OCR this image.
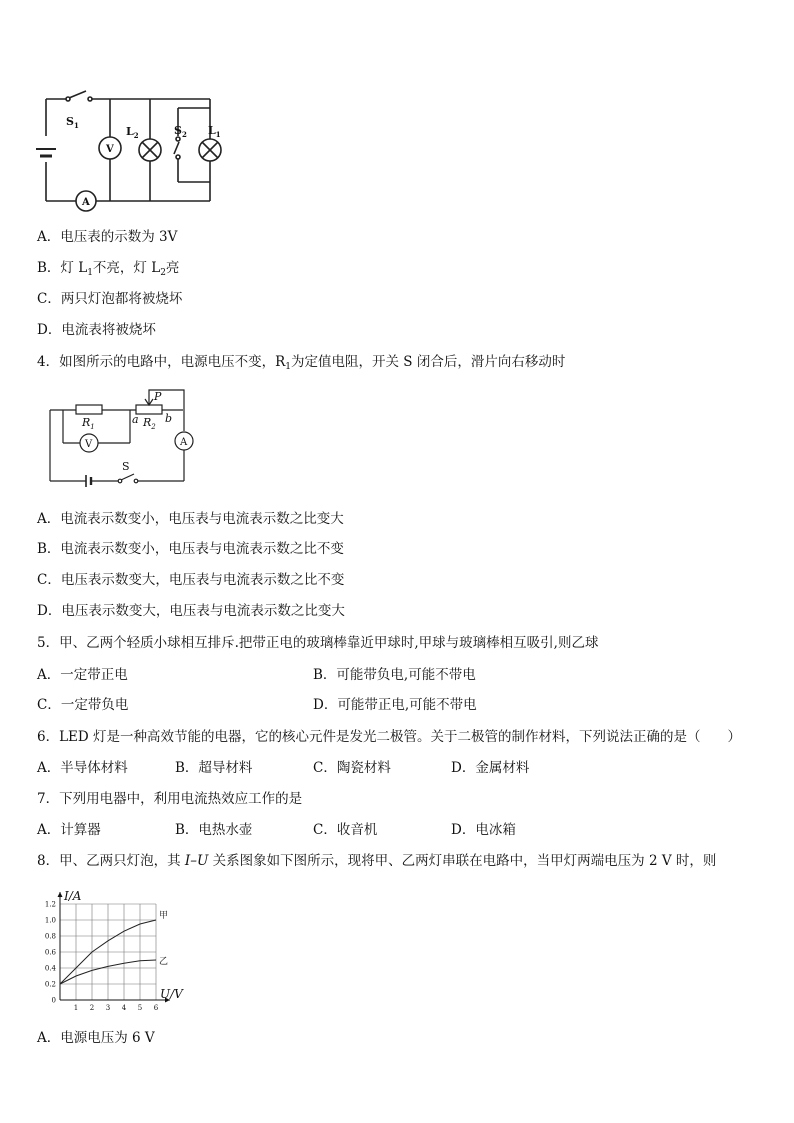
$S_1$	$L_2$	$S_2$ $L_1$
V
A
A．电压表的示数为 3V
B．灯 $L_1$不亮，灯 $L_2$亮
C．两只灯泡都将被烧坏
D．电流表将被烧坏
4．如图所示的电路中，电源电压不变，$R_1$为定值电阻，开关 S 闭合后，滑片向右移动时
$R_1$	$R_2$
P
a b
V	A
S
A．电流表示数变小，电压表与电流表示数之比变大
B．电流表示数变小，电压表与电流表示数之比不变
C．电压表示数变大，电压表与电流表示数之比不变
D．电压表示数变大，电压表与电流表示数之比变大
5．甲、乙两个轻质小球相互排斥.把带正电的玻璃棒靠近甲球时,甲球与玻璃棒相互吸引,则乙球
A．一定带正电	B．可能带负电,可能不带电
C．一定带负电	D．可能带正电,可能不带电
6．LED 灯是一种高效节能的电器，它的核心元件是发光二极管。关于二极管的制作材料，下列说法正确的是（　　）
A．半导体材料	B．超导材料	C．陶瓷材料	D．金属材料
7．下列用电器中，利用电流热效应工作的是
A．计算器	B．电热水壶	C．收音机	D．电冰箱
8．甲、乙两只灯泡，其 I–U 关系图象如下图所示，现将甲、乙两灯串联在电路中，当甲灯两端电压为 2 V 时，则
1 2 3 4 5 6
0
0.2
0.4
0.6
0.8
1.0
1.2
I/A
U/V
甲
乙
A．电源电压为 6 V
